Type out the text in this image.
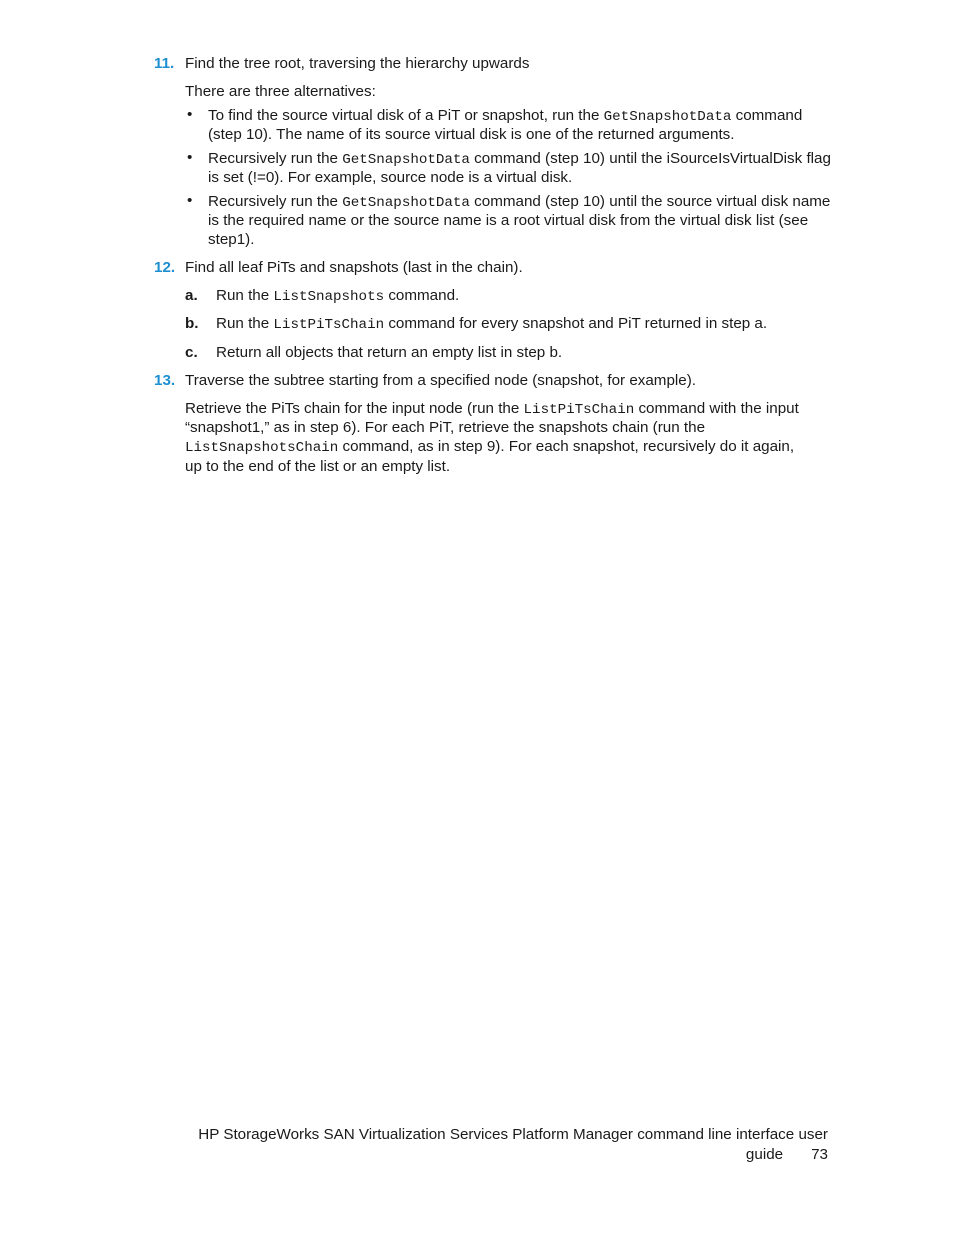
11. Find the tree root, traversing the hierarchy upwards
There are three alternatives:
• To find the source virtual disk of a PiT or snapshot, run the GetSnapshotData command
(step 10). The name of its source virtual disk is one of the returned arguments.
• Recursively run the GetSnapshotData command (step 10) until the iSourceIsVirtualDisk flag
is set (!=0). For example, source node is a virtual disk.
• Recursively run the GetSnapshotData command (step 10) until the source virtual disk name
is the required name or the source name is a root virtual disk from the virtual disk list (see
step1).
12. Find all leaf PiTs and snapshots (last in the chain).
a. Run the ListSnapshots command.
b. Run the ListPiTsChain command for every snapshot and PiT returned in step a.
c. Return all objects that return an empty list in step b.
13. Traverse the subtree starting from a specified node (snapshot, for example).
Retrieve the PiTs chain for the input node (run the ListPiTsChain command with the input
“snapshot1,” as in step 6). For each PiT, retrieve the snapshots chain (run the
ListSnapshotsChain command, as in step 9). For each snapshot, recursively do it again,
up to the end of the list or an empty list.
HP StorageWorks SAN Virtualization Services Platform Manager command line interface user
guide 73
